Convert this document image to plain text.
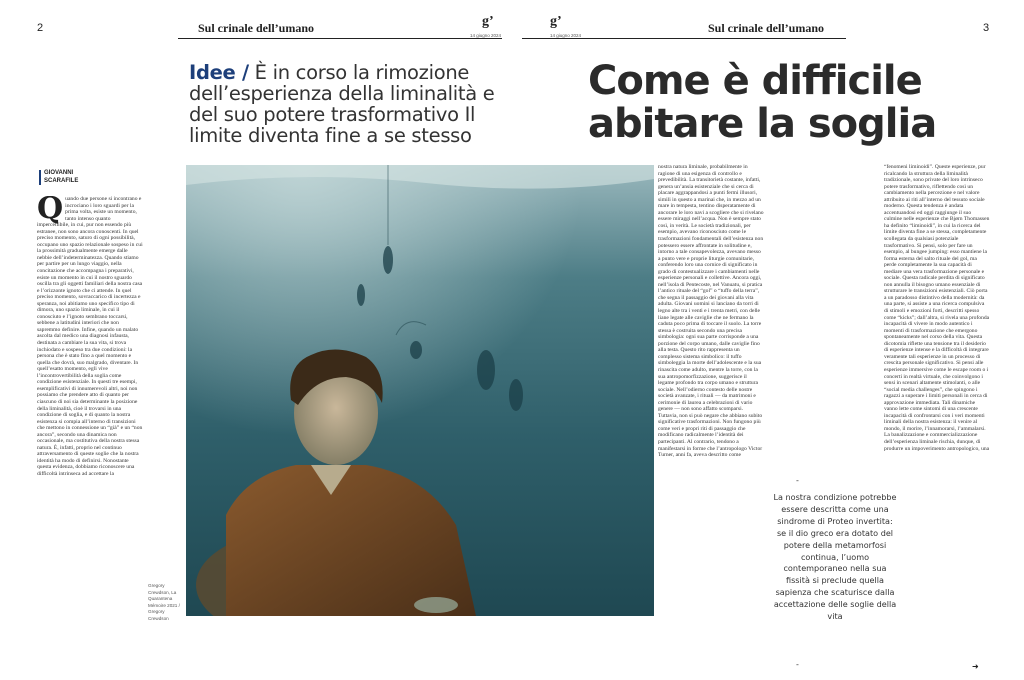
2	Sul crinale dell’umano	g’
14 giugno 2024
g’
14 giugno 2024
Sul crinale dell’umano	3
Idee / È in corso la rimozione dell’esperienza della liminalità e del suo potere trasformativo Il limite diventa fine a se stesso
Come è difficile
abitare la soglia
GIOVANNI
SCARAFILE
Quando due persone si incontrano e incrociano i loro sguardi per la prima volta, esiste un momento, tanto intenso quanto impercettibile, in cui, pur non essendo più estranee, non sono ancora conoscenti. In quel preciso momento, saturo di ogni possibilità, occupano uno spazio relazionale sospeso in cui la prossimità gradualmente emerge dalle nebbie dell’indeterminatezza. Quando stiamo per partire per un lungo viaggio, nella concitazione che accompagna i preparativi, esiste un momento in cui il nostro sguardo oscilla tra gli oggetti familiari della nostra casa e l’orizzonte ignoto che ci attende. In quel preciso momento, sovraccarico di incertezza e speranza, noi abitiamo uno specifico tipo di dimora, uno spazio liminale, in cui il conosciuto e l’ignoto sembrano toccarsi, sebbene a latitudini interiori che non sapremmo definire. Infine, quando un malato ascolta dal medico una diagnosi infausta, destinata a cambiare la sua vita, si trova inchiodato e sospeso tra due condizioni: la persona che è stato fino a quel momento e quella che dovrà, suo malgrado, diventare. In quell’esatto momento, egli vive l’incontrovertibilità della soglia come condizione esistenziale. In questi tre esempi, esemplificativi di innumerevoli altri, noi non possiamo che prendere atto di quanto per ciascuno di noi sia determinante la posizione della liminalità, cioè il trovarsi in una condizione di soglia, e di quanto la nostra esistenza si compia all’interno di transizioni che mettono in connessione un “già” e un “non ancora”, secondo una dinamica non occasionale, ma costitutiva della nostra stessa natura. È, infatti, proprio nel continuo attraversamento di queste soglie che la nostra identità ha modo di definirsi. Nonostante questa evidenza, dobbiamo riconoscere una difficoltà intrinseca ad accettare la
Gregory Crewdson, La Quarantena Mémoire 2021 / Gregory Crewdson
nostra natura liminale, probabilmente in ragione di una esigenza di controllo e prevedibilità. La transitorietà costante, infatti, genera un’ansia esistenziale che si cerca di placare aggrappandosi a punti fermi illusori, simili in questo a marinai che, in mezzo ad un mare in tempesta, tentino disperatamente di ancorare le loro navi a scogliere che si rivelano essere miraggi nell’acqua. Non è sempre stato così, in verità. Le società tradizionali, per esempio, avevano riconosciuto come le trasformazioni fondamentali dell’esistenza non potessero essere affrontate in solitudine e, intorno a tale consapevolezza, avevano messo a punto vere e proprie liturgie comunitarie, conferendo loro una cornice di significato in grado di contestualizzare i cambiamenti nelle esperienze personali e collettive. Ancora oggi, nell’isola di Pentecoste, nel Vanuatu, si pratica l’antico rituale del “gol” o “tuffo della terra”, che segna il passaggio dei giovani alla vita adulta. Giovani uomini si lanciano da torri di legno alte tra i venti e i trenta metri, con delle liane legate alle caviglie che ne fermano la caduta poco prima di toccare il suolo. La torre stessa è costruita secondo una precisa simbologia: ogni sua parte corrisponde a una porzione del corpo umano, dalle caviglie fino alla testa. Questo rito rappresenta un complesso sistema simbolico: il tuffo simboleggia la morte dell’adolescente e la sua rinascita come adulto, mentre la torre, con la sua antropomorfizzazione, suggerisce il legame profondo tra corpo umano e struttura sociale. Nell’odierno contesto delle nostre società avanzate, i rituali — da matrimoni e cerimonie di laurea a celebrazioni di vario genere — non sono affatto scomparsi. Tuttavia, non si può negare che abbiano subito significative trasformazioni. Non fungono più come veri e propri riti di passaggio che modificano radicalmente l’identità dei partecipanti. Al contrario, tendono a manifestarsi in forme che l’antropologo Victor Turner, anni fa, aveva descritto come
“fenomeni liminoidi”. Queste esperienze, pur ricalcando la struttura della liminalità tradizionale, sono private del loro intrinseco potere trasformativo, riflettendo così un cambiamento nella percezione e nel valore attribuito ai riti all’interno del tessuto sociale moderno. Questa tendenza è andata accentuandosi ed oggi raggiunge il suo culmine nelle esperienze che Bjørn Thomassen ha definito “liminoidi”, in cui la ricerca del limite diventa fine a se stessa, completamente scollegata da qualsiasi potenziale trasformativo. Si pensi, solo per fare un esempio, al bungee jumping: esso mantiene la forma esterna del salto rituale del gol, ma perde completamente la sua capacità di mediare una vera trasformazione personale e sociale. Questa radicale perdita di significato non annulla il bisogno umano essenziale di strutturare le transizioni esistenziali. Ciò porta a un paradosso distintivo della modernità: da una parte, si assiste a una ricerca compulsiva di stimoli e emozioni forti, descritti spesso come “kicks”; dall’altra, si rivela una profonda incapacità di vivere in modo autentico i momenti di trasformazione che emergono spontaneamente nel corso della vita. Questa dicotomia riflette una tensione tra il desiderio di esperienze intense e la difficoltà di integrare veramente tali esperienze in un processo di crescita personale significativo. Si pensi alle esperienze immersive come le escape room o i concerti in realtà virtuale, che coinvolgono i sensi in scenari altamente stimolanti, o alle “social media challenges”, che spingono i ragazzi a superare i limiti personali in cerca di approvazione immediata. Tali dinamiche vanno lette come sintomi di una crescente incapacità di confrontarsi con i veri momenti liminali della nostra esistenza: il venire al mondo, il morire, l’innamorarsi, l’ammalarsi. La banalizzazione e commercializzazione dell’esperienza liminale rischia, dunque, di produrre un impoverimento antropologico, una
-
La nostra condizione potrebbe essere descritta come una sindrome di Proteo invertita: se il dio greco era dotato del potere della metamorfosi continua, l’uomo contemporaneo nella sua fissità si preclude quella sapienza che scaturisce dalla accettazione delle soglie della vita
-	➜
